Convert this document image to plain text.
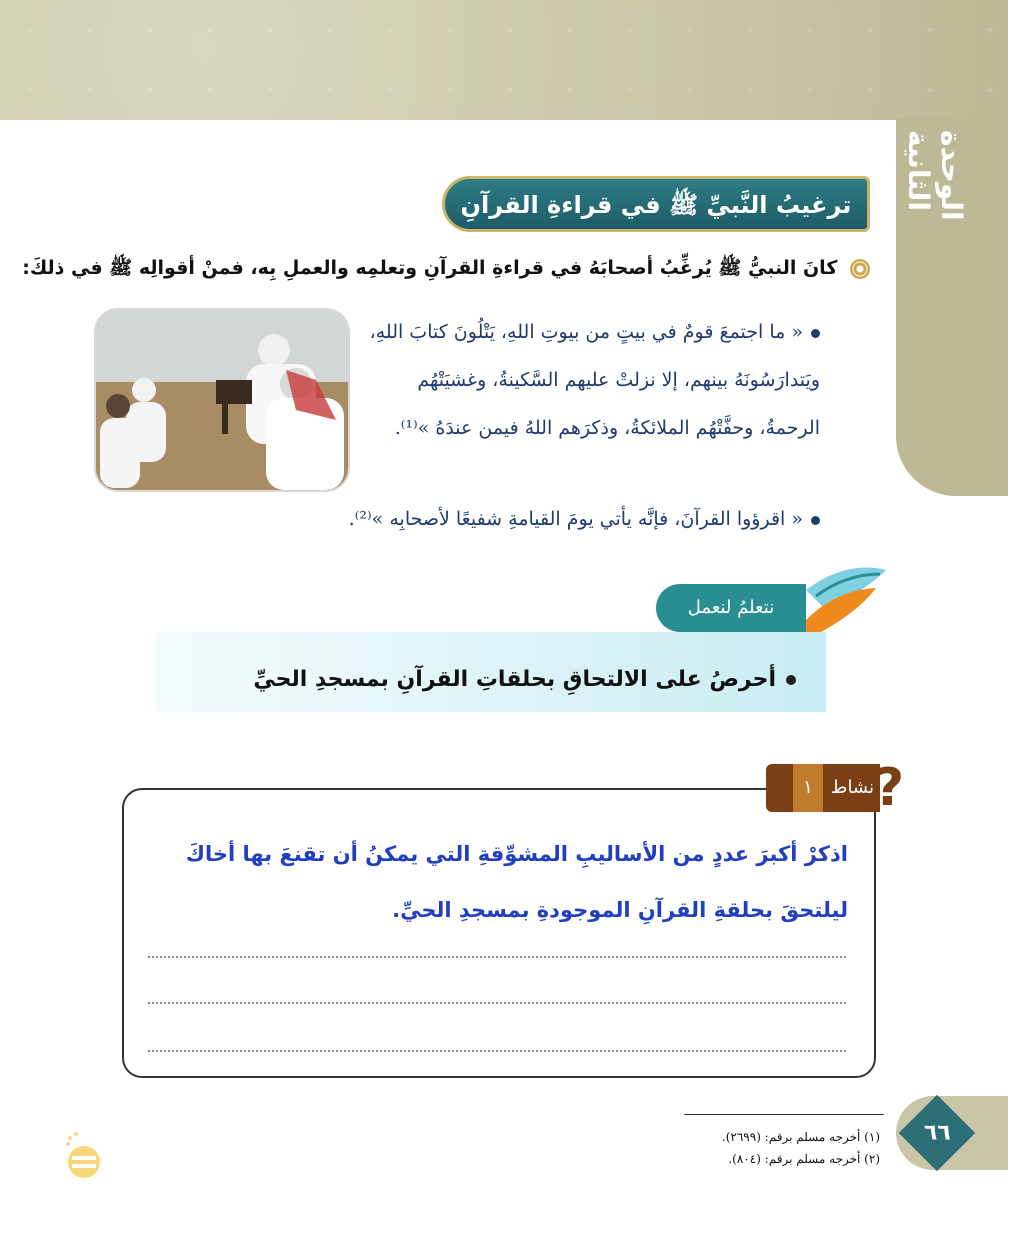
الوحدة الثانية
ترغيبُ النَّبيِّ ﷺ في قراءةِ القرآنِ
كانَ النبيُّ ﷺ يُرغِّبُ أصحابَهُ في قراءةِ القرآنِ وتعلمِه والعملِ بِه، فمنْ أقوالِه ﷺ في ذلكَ:
« ما اجتمعَ قومٌ في بيتٍ من بيوتِ اللهِ، يَتْلُونَ كتابَ اللهِ، ويَتدارَسُونَهُ بينهم، إلا نزلتْ عليهم السَّكينةُ، وغشيَتْهُم الرحمةُ، وحفَّتْهُم الملائكةُ، وذكرَهم اللهُ فيمن عندَهُ »⁽¹⁾.
« اقرؤوا القرآنَ، فإنَّه يأتي يومَ القيامةِ شفيعًا لأصحابِه »⁽²⁾.
نتعلمُ لنعمل
أحرصُ على الالتحاقِ بحلقاتِ القرآنِ بمسجدِ الحيِّ
نشاط١	?
اذكرْ أكبرَ عددٍ من الأساليبِ المشوِّقةِ التي يمكنُ أن تقنعَ بها أخاكَ ليلتحقَ بحلقةِ القرآنِ الموجودةِ بمسجدِ الحيِّ.
(١) أخرجه مسلم برقم: (٢٦٩٩).
(٢) أخرجه مسلم برقم: (٨٠٤).
٦٦
